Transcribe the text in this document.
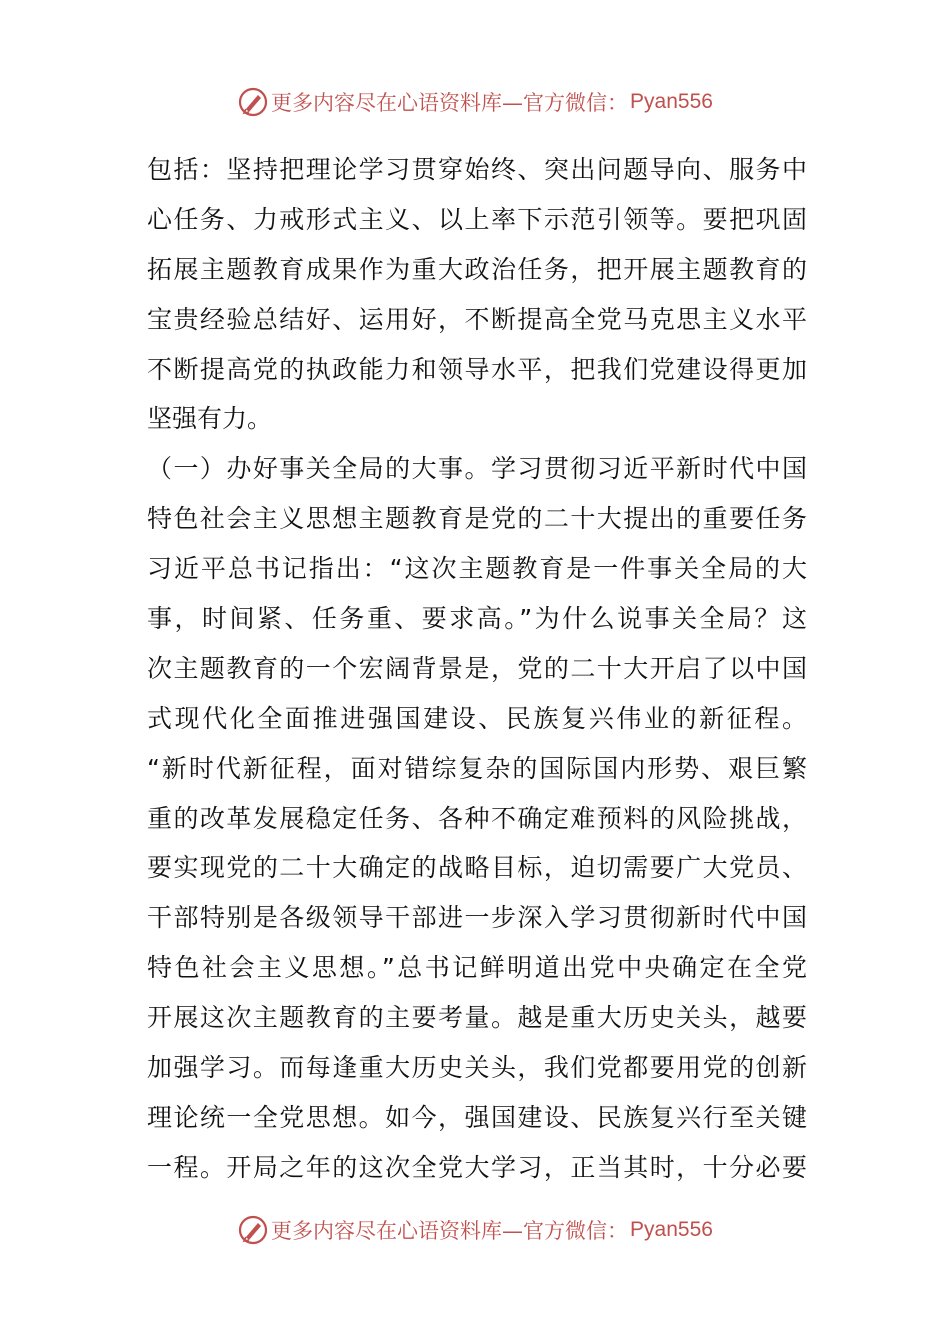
更多内容尽在心语资料库—官方微信： Pyan556
包括：坚持把理论学习贯穿始终、突出问题导向、服务中
心任务、力戒形式主义、以上率下示范引领等。要把巩固
拓展主题教育成果作为重大政治任务，把开展主题教育的
宝贵经验总结好、运用好，不断提高全党马克思主义水平
不断提高党的执政能力和领导水平，把我们党建设得更加
坚强有力。
（一）办好事关全局的大事。学习贯彻习近平新时代中国
特色社会主义思想主题教育是党的二十大提出的重要任务
习近平总书记指出：“这次主题教育是一件事关全局的大
事，时间紧、任务重、要求高。”为什么说事关全局？这
次主题教育的一个宏阔背景是，党的二十大开启了以中国
式现代化全面推进强国建设、民族复兴伟业的新征程。
“新时代新征程，面对错综复杂的国际国内形势、艰巨繁
重的改革发展稳定任务、各种不确定难预料的风险挑战，
要实现党的二十大确定的战略目标，迫切需要广大党员、
干部特别是各级领导干部进一步深入学习贯彻新时代中国
特色社会主义思想。”总书记鲜明道出党中央确定在全党
开展这次主题教育的主要考量。越是重大历史关头，越要
加强学习。而每逢重大历史关头，我们党都要用党的创新
理论统一全党思想。如今，强国建设、民族复兴行至关键
一程。开局之年的这次全党大学习，正当其时，十分必要
更多内容尽在心语资料库—官方微信： Pyan556
